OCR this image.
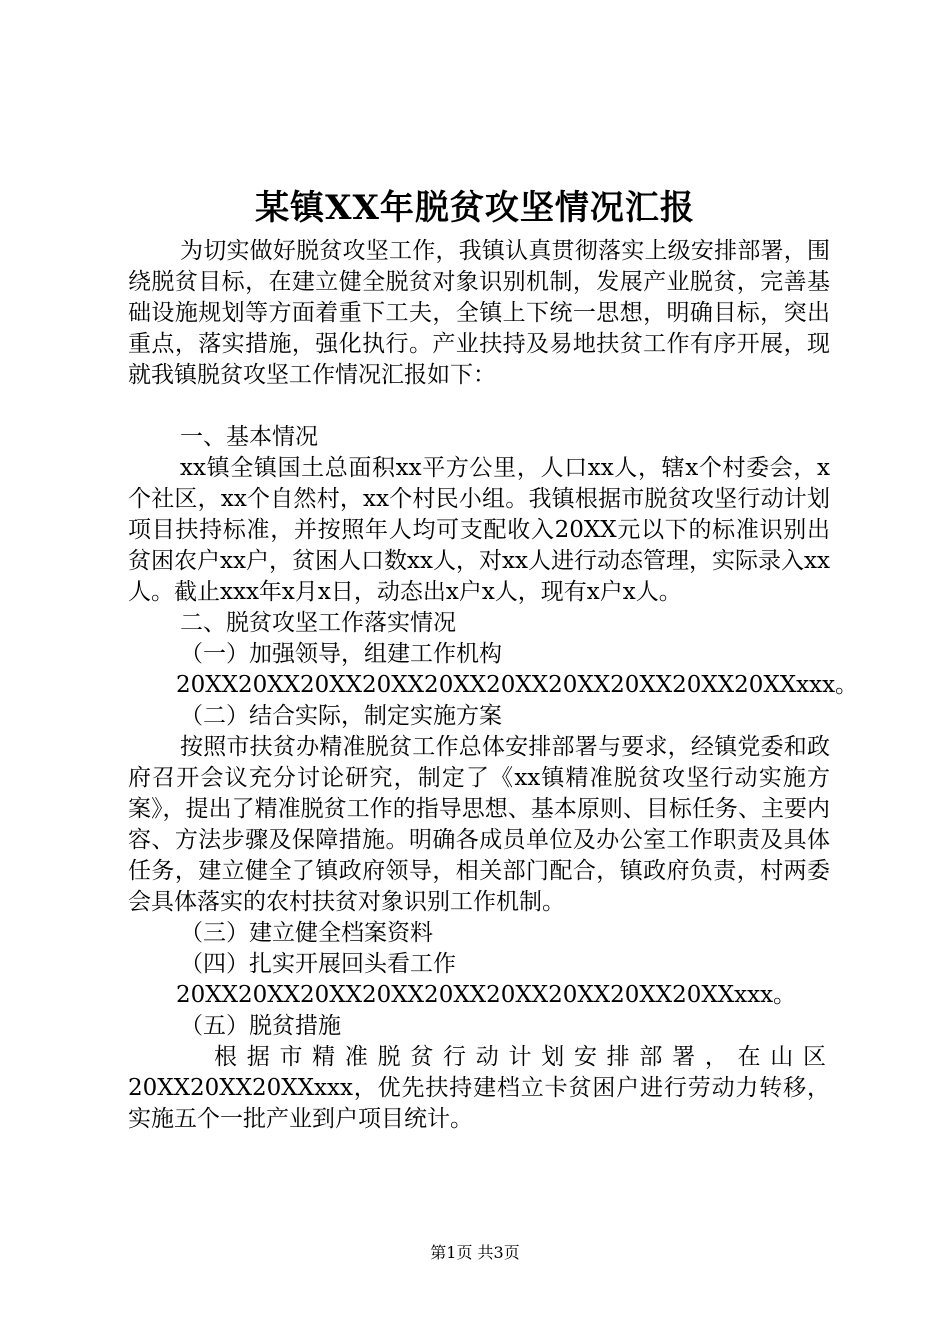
某镇XX年脱贫攻坚情况汇报

为切实做好脱贫攻坚工作，我镇认真贯彻落实上级安排部署，围绕脱贫目标，在建立健全脱贫对象识别机制，发展产业脱贫，完善基础设施规划等方面着重下工夫，全镇上下统一思想，明确目标，突出重点，落实措施，强化执行。产业扶持及易地扶贫工作有序开展，现就我镇脱贫攻坚工作情况汇报如下：

一、基本情况

xx镇全镇国土总面积xx平方公里，人口xx人，辖x个村委会，x个社区，xx个自然村，xx个村民小组。我镇根据市脱贫攻坚行动计划项目扶持标准，并按照年人均可支配收入20XX元以下的标准识别出贫困农户xx户，贫困人口数xx人，对xx人进行动态管理，实际录入xx人。截止xxx年x月x日，动态出x户x人，现有x户x人。

二、脱贫攻坚工作落实情况

（一）加强领导，组建工作机构

20XX20XX20XX20XX20XX20XX20XX20XX20XX20XXxxx。

（二）结合实际，制定实施方案

按照市扶贫办精准脱贫工作总体安排部署与要求，经镇党委和政府召开会议充分讨论研究，制定了《xx镇精准脱贫攻坚行动实施方案》，提出了精准脱贫工作的指导思想、基本原则、目标任务、主要内容、方法步骤及保障措施。明确各成员单位及办公室工作职责及具体任务，建立健全了镇政府领导，相关部门配合，镇政府负责，村两委会具体落实的农村扶贫对象识别工作机制。

（三）建立健全档案资料

（四）扎实开展回头看工作

20XX20XX20XX20XX20XX20XX20XX20XX20XXxxx。

（五）脱贫措施

根据市精准脱贫行动计划安排部署，在山区

20XX20XX20XXxxx，优先扶持建档立卡贫困户进行劳动力转移，实施五个一批产业到户项目统计。

第1页 共3页
